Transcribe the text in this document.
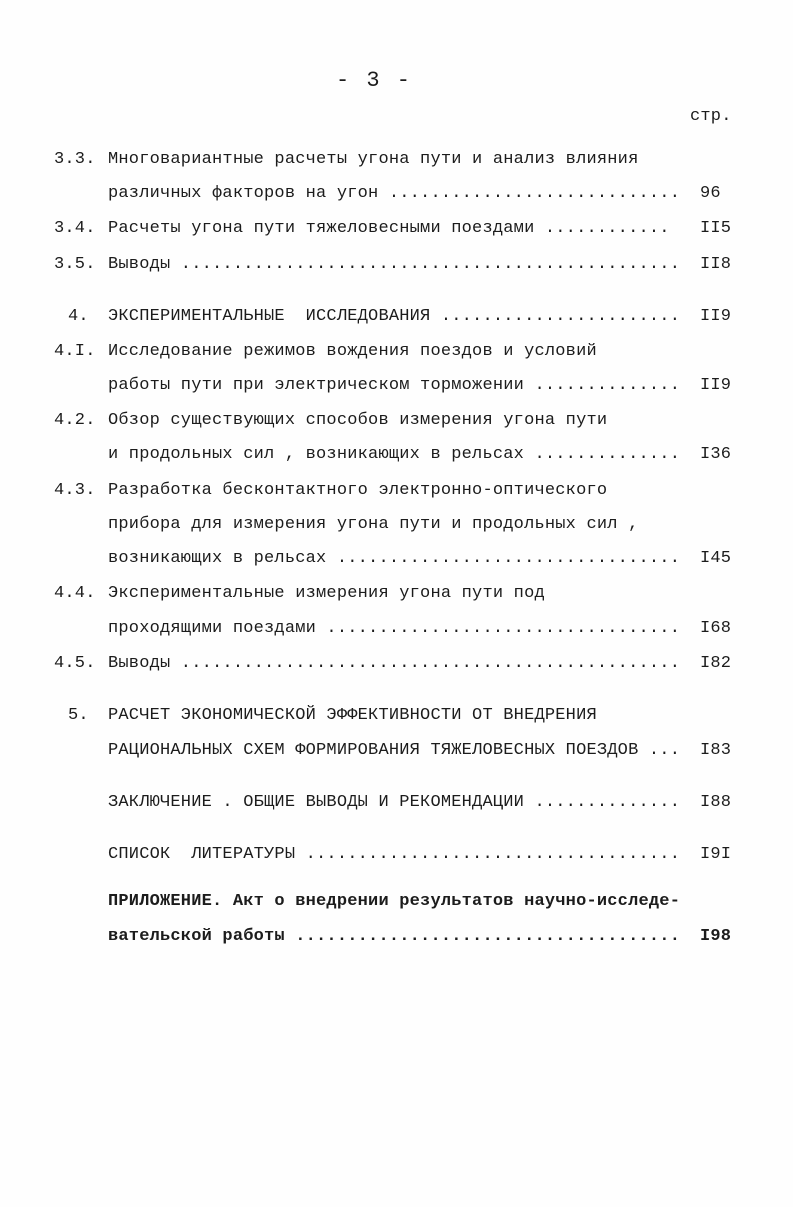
- 3 -
стр.
3.3. Многовариантные расчеты угона пути и анализ влияния
различных факторов на угон ............................ 96
3.4. Расчеты угона пути тяжеловесными поездами ............ II5
3.5. Выводы ................................................ II8
4.	ЭКСПЕРИМЕНТАЛЬНЫЕ  ИССЛЕДОВАНИЯ ....................... II9
4.I. Исследование режимов вождения поездов и условий
работы пути при электрическом торможении .............. II9
4.2. Обзор существующих способов измерения угона пути
и продольных сил , возникающих в рельсах .............. I36
4.3. Разработка бесконтактного электронно-оптического
прибора для измерения угона пути и продольных сил ,
возникающих в рельсах ................................. I45
4.4. Экспериментальные измерения угона пути под
проходящими поездами .................................. I68
4.5. Выводы ................................................ I82
5.	РАСЧЕТ ЭКОНОМИЧЕСКОЙ ЭФФЕКТИВНОСТИ ОТ ВНЕДРЕНИЯ
РАЦИОНАЛЬНЫХ СХЕМ ФОРМИРОВАНИЯ ТЯЖЕЛОВЕСНЫХ ПОЕЗДОВ ... I83
ЗАКЛЮЧЕНИЕ . ОБЩИЕ ВЫВОДЫ И РЕКОМЕНДАЦИИ .............. I88
СПИСОК  ЛИТЕРАТУРЫ .................................... I9I
ПРИЛОЖЕНИЕ. Акт о внедрении результатов научно-исследе-
вательской работы ..................................... I98
